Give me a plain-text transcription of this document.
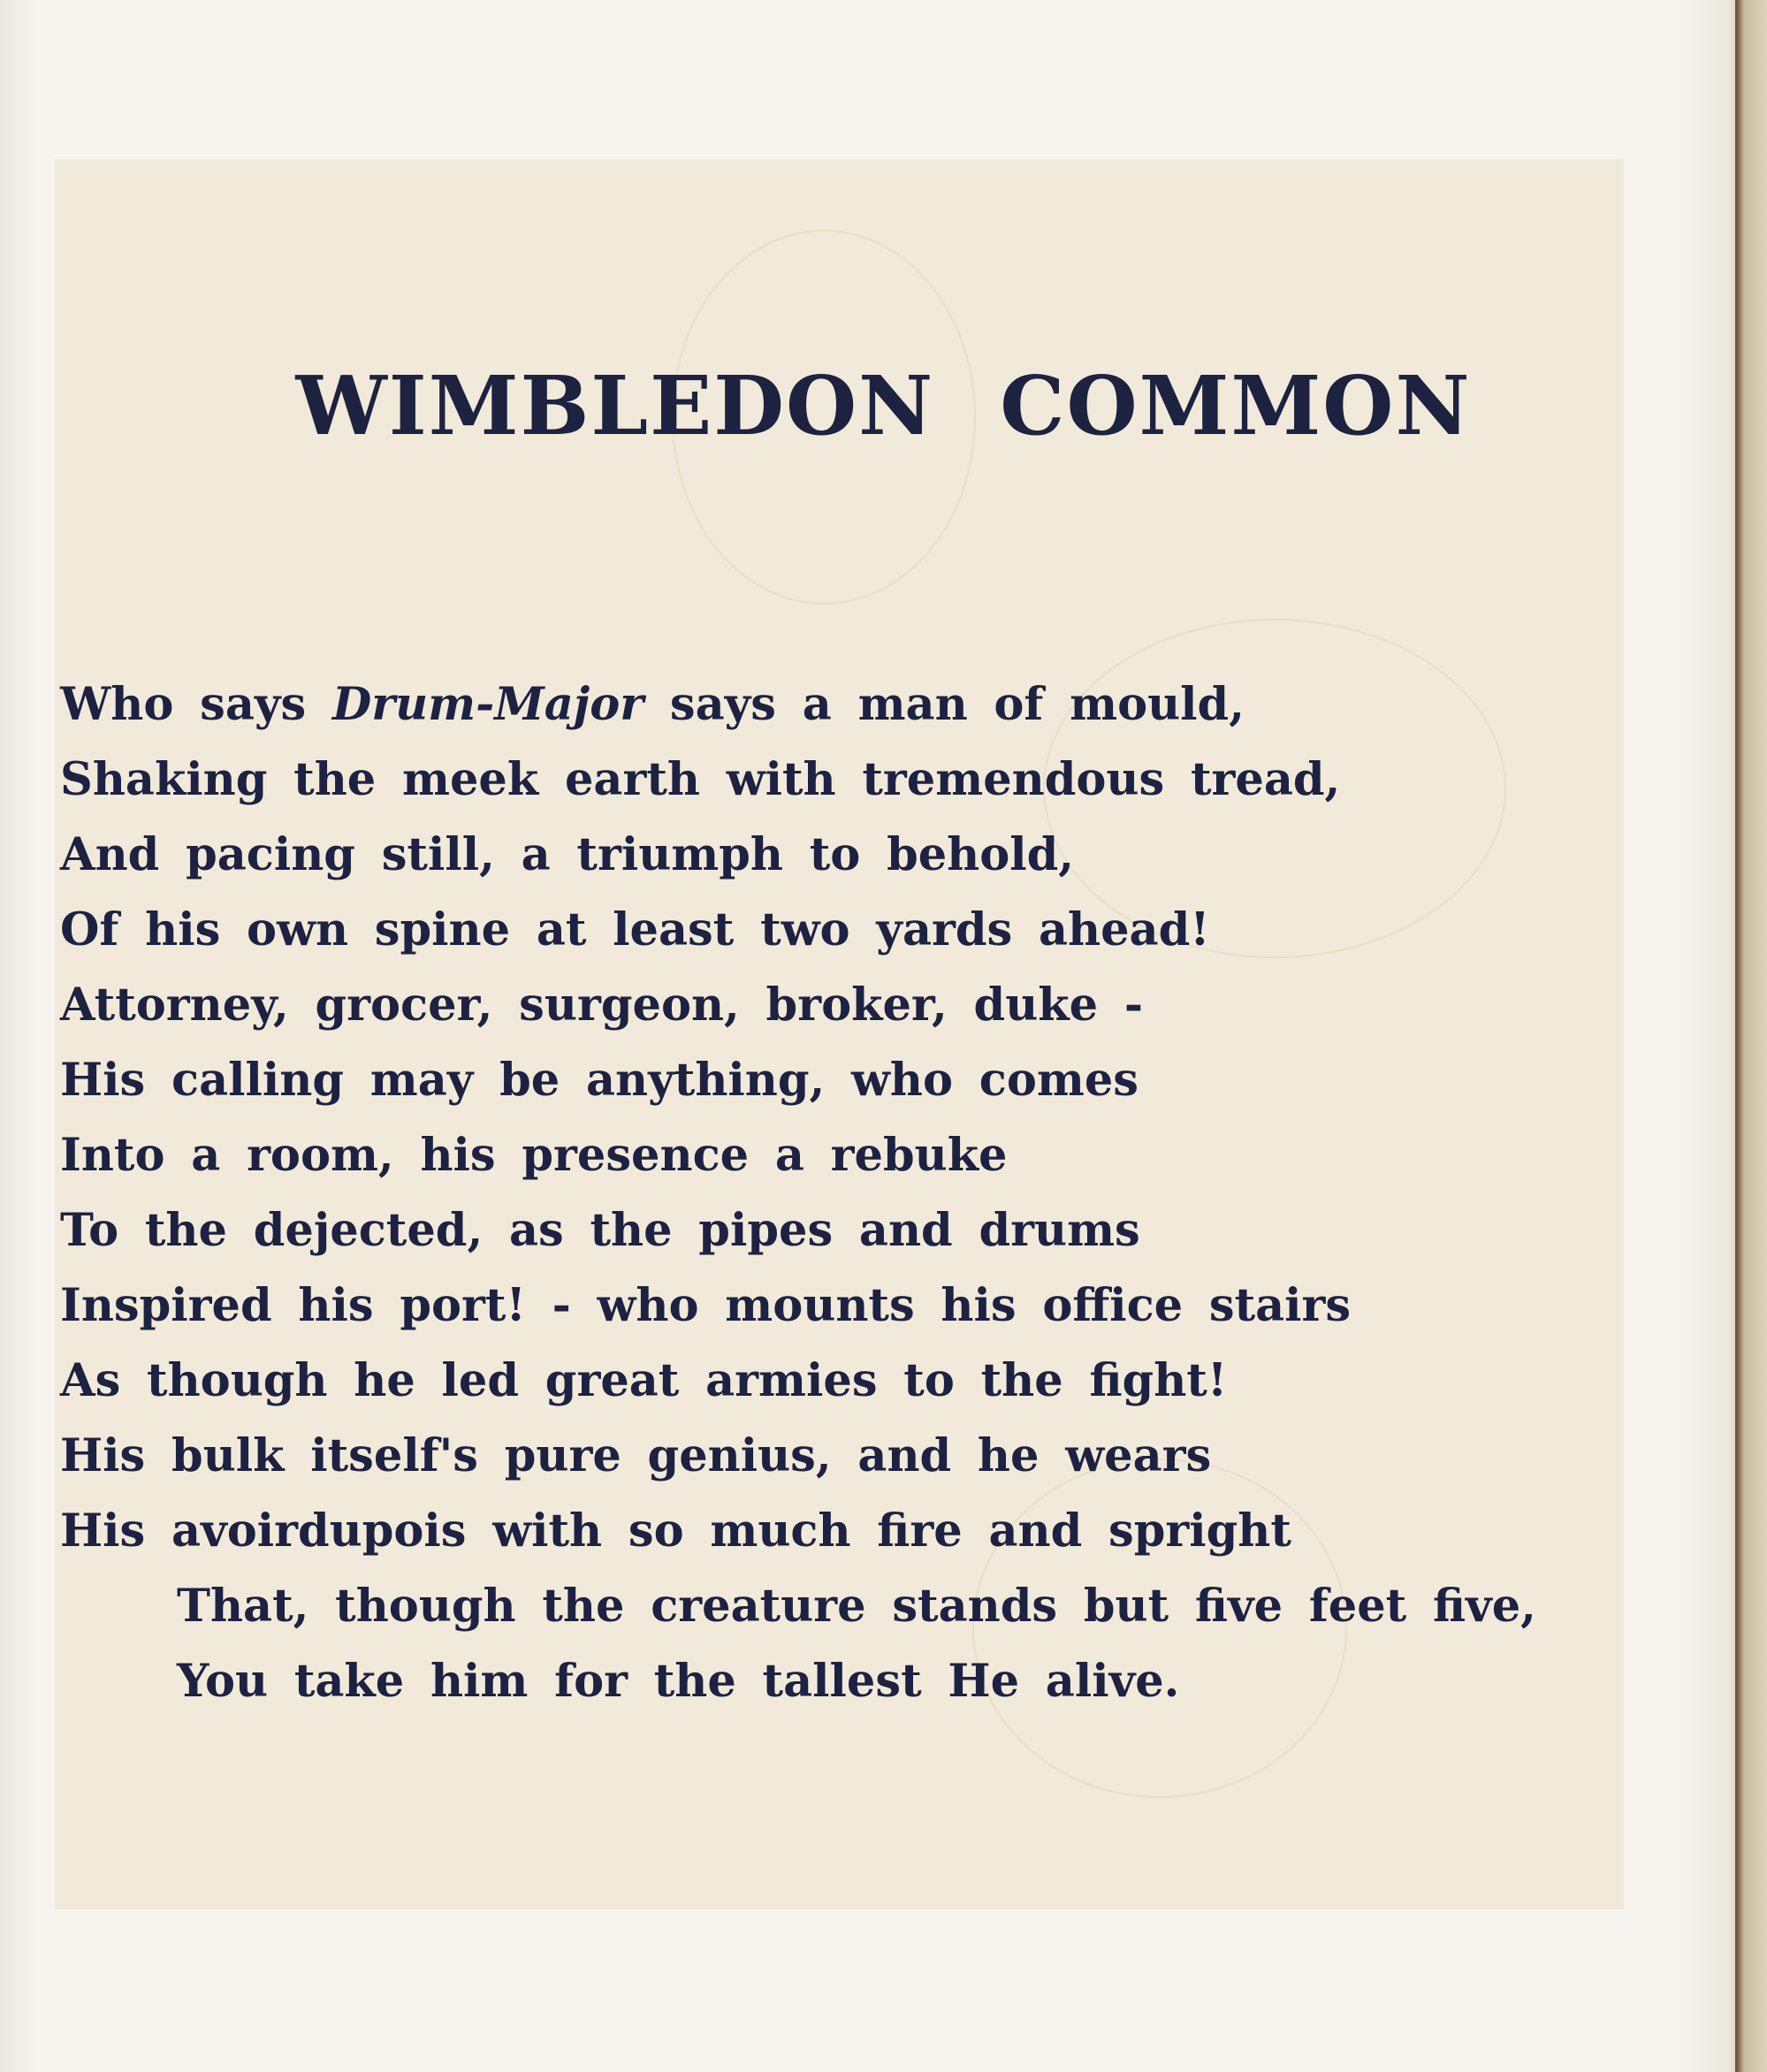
WIMBLEDON COMMON
Who says Drum-Major says a man of mould,
Shaking the meek earth with tremendous tread,
And pacing still, a triumph to behold,
Of his own spine at least two yards ahead!
Attorney, grocer, surgeon, broker, duke -
His calling may be anything, who comes
Into a room, his presence a rebuke
To the dejected, as the pipes and drums
Inspired his port! - who mounts his office stairs
As though he led great armies to the fight!
His bulk itself's pure genius, and he wears
His avoirdupois with so much fire and spright
That, though the creature stands but five feet five,
You take him for the tallest He alive.
